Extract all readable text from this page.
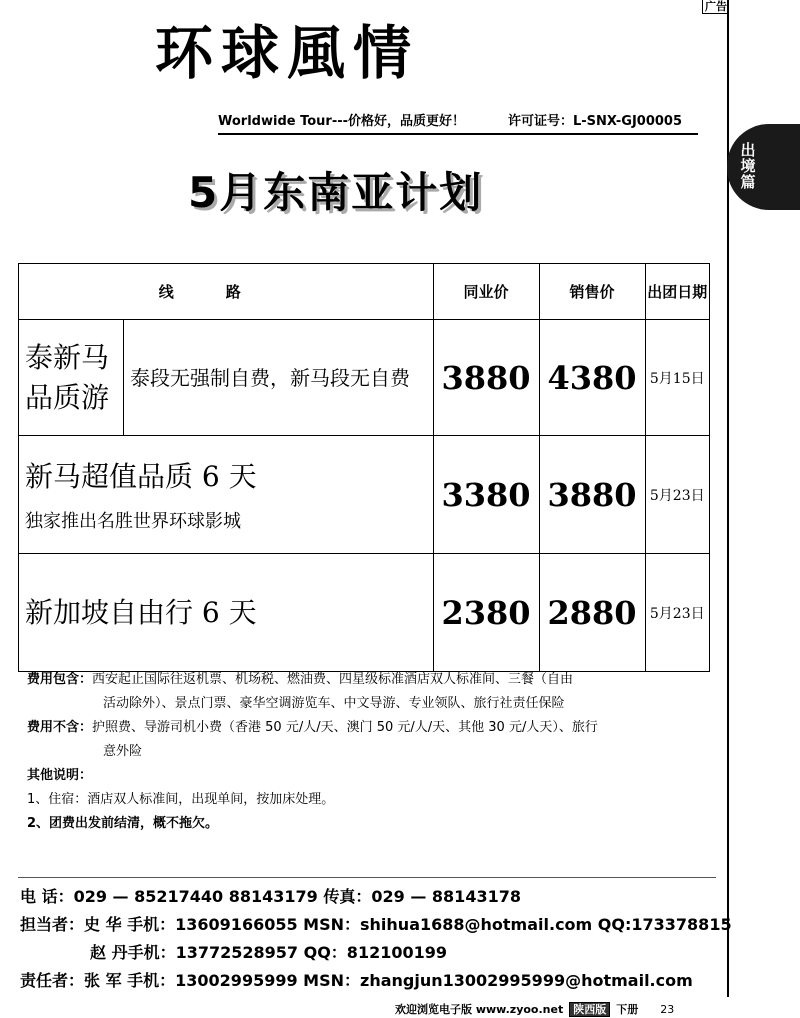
广告
出境篇
环球風情
Worldwide Tour---价格好，品质更好！	许可证号：L-SNX-GJ00005
5月东南亚计划
线路		同业价	销售价	出团日期

泰新马品质游	泰段无强制自费，新马段无自费	3880	4380	5月15日

新马超值品质 6 天
独家推出名胜世界环球影城		3380	3880	5月23日

新加坡自由行 6 天		2380	2880	5月23日
费用包含：西安起止国际往返机票、机场税、燃油费、四星级标准酒店双人标准间、三餐（自由
活动除外）、景点门票、豪华空调游览车、中文导游、专业领队、旅行社责任保险
费用不含：护照费、导游司机小费（香港 50 元/人/天、澳门 50 元/人/天、其他 30 元/人天）、旅行
意外险
其他说明：
1、住宿：酒店双人标准间，出现单间，按加床处理。
2、团费出发前结清，概不拖欠。
电 话：029 — 85217440 88143179 传真：029 — 88143178
担当者：史 华 手机：13609166055 MSN：shihua1688@hotmail.com QQ:173378815
赵 丹手机：13772528957 QQ：812100199
责任者：张 军 手机：13002995999 MSN：zhangjun13002995999@hotmail.com
欢迎浏览电子版 www.zyoo.net 陕西版 下册 23
